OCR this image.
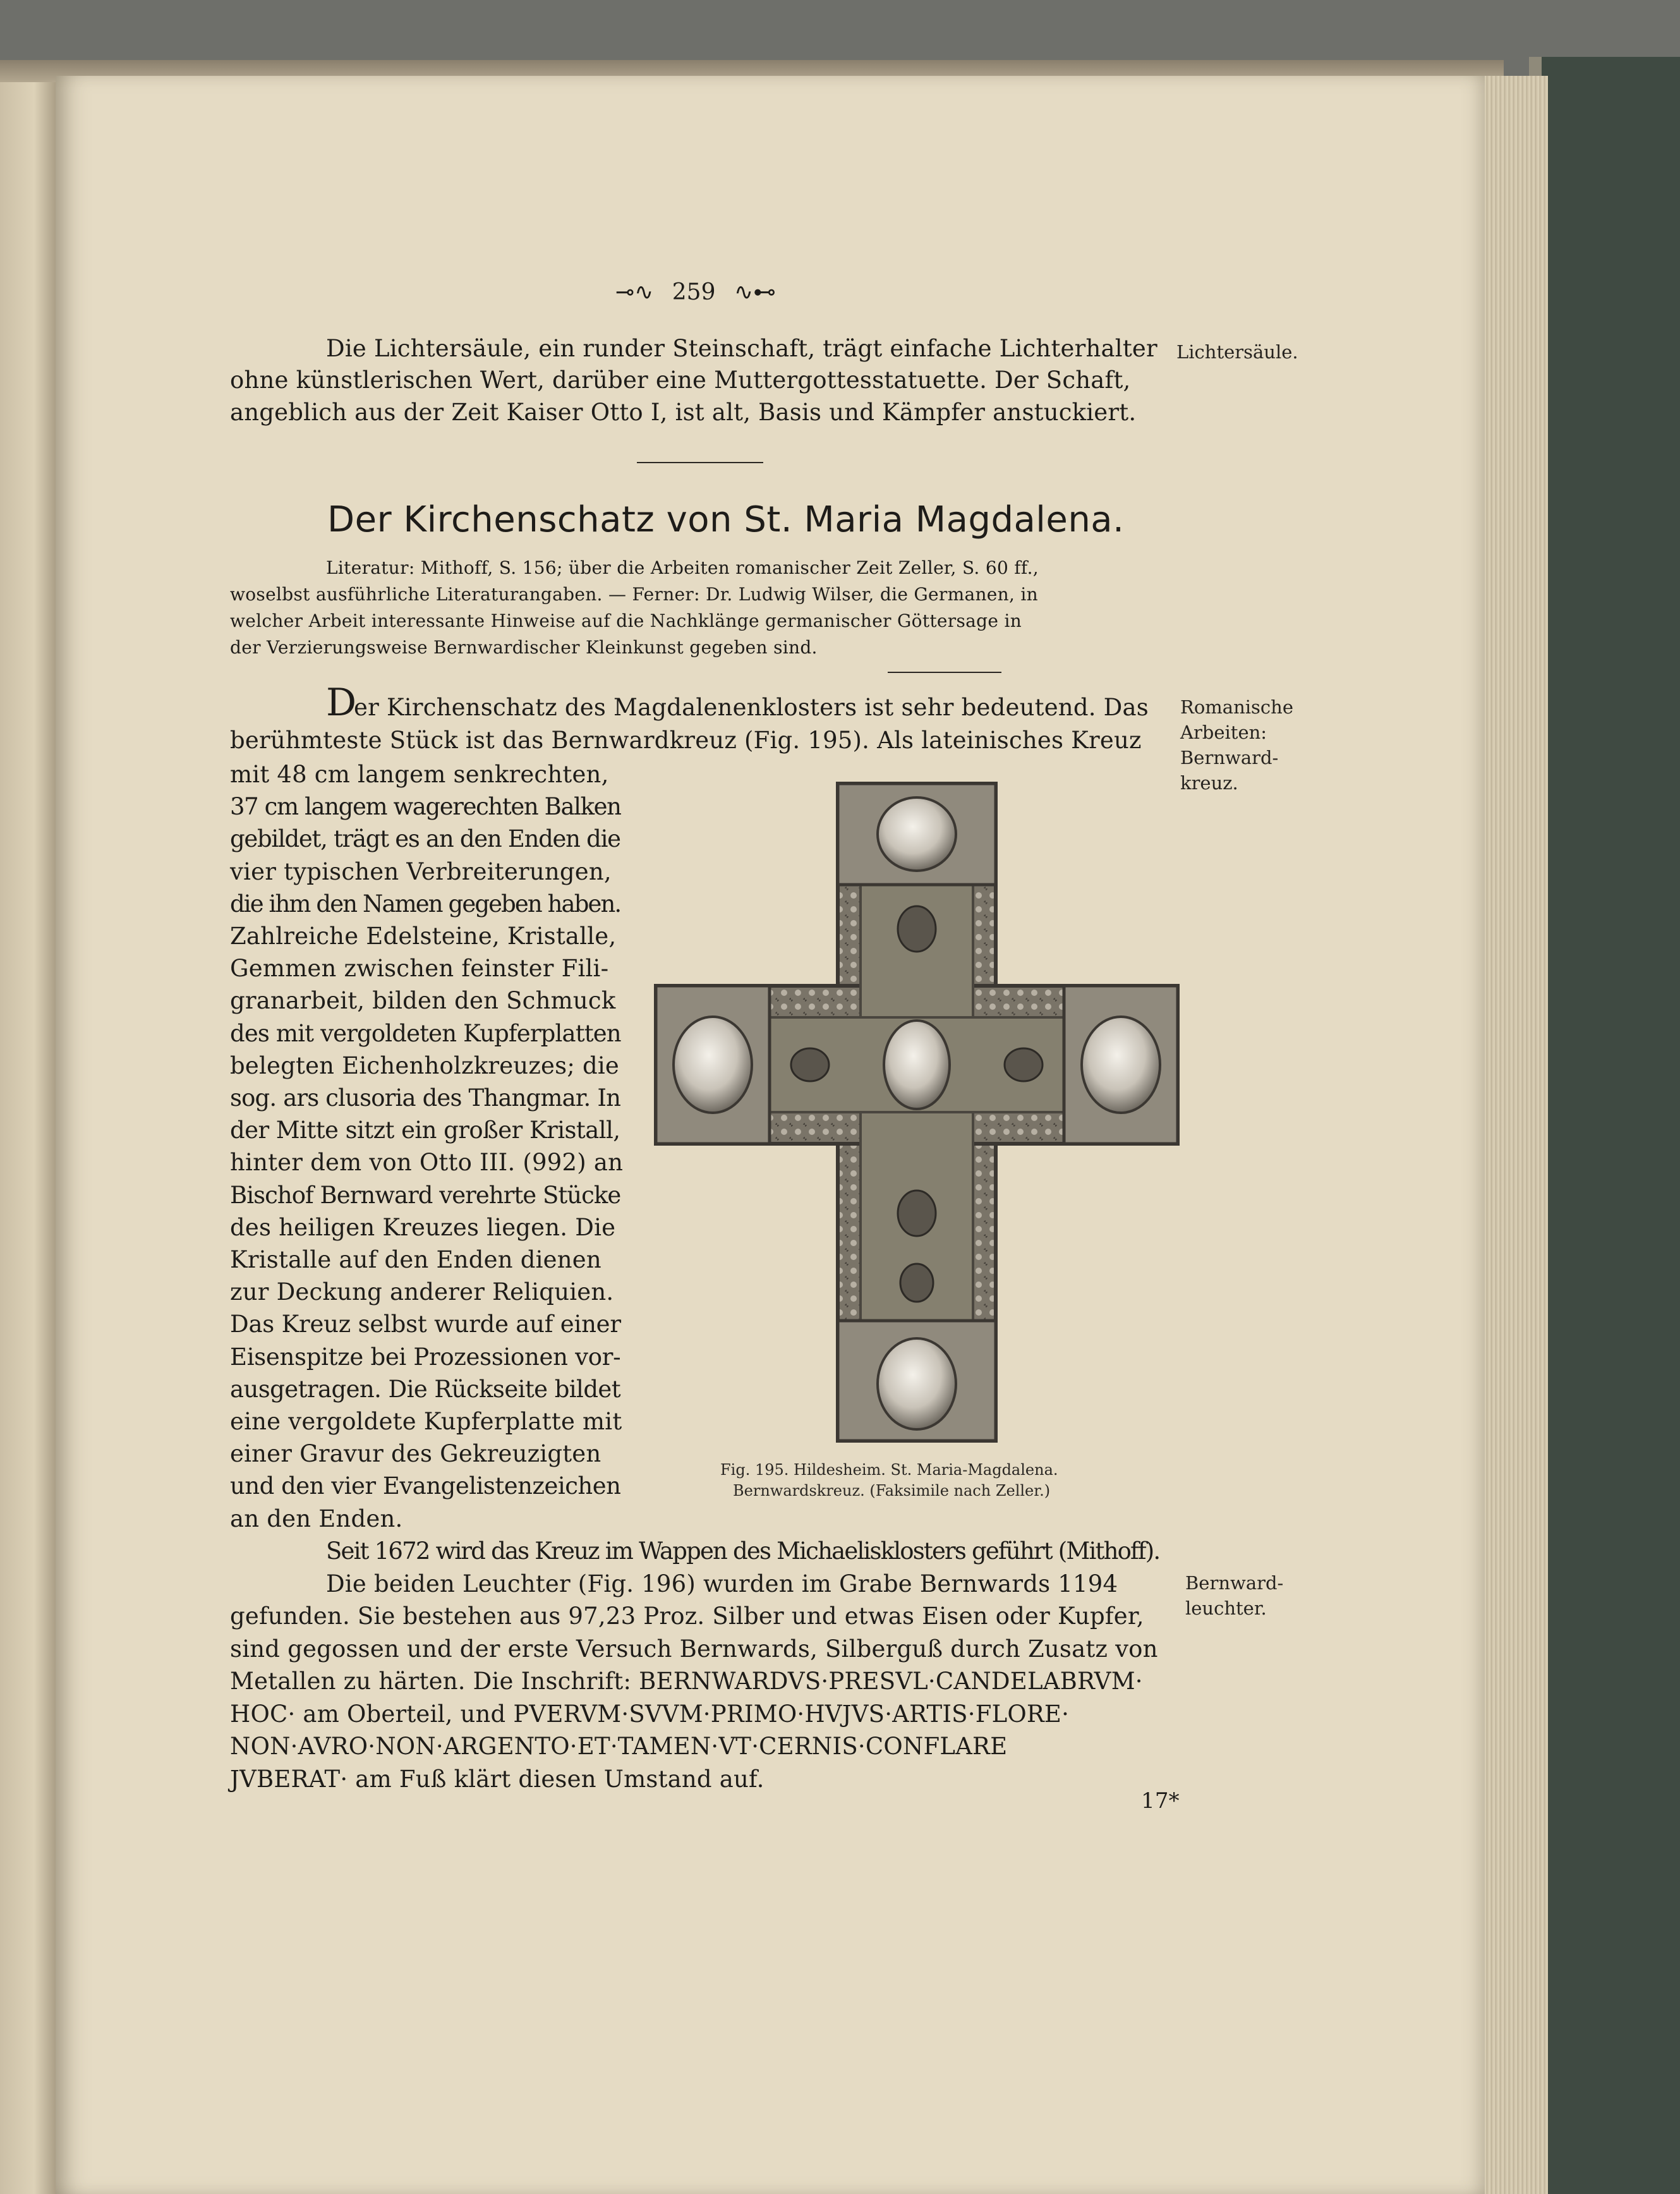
⊸∿ 259 ∿⊷
Die Lichtersäule, ein runder Steinschaft, trägt einfache Lichterhalter
ohne künstlerischen Wert, darüber eine Muttergottesstatuette. Der Schaft,
angeblich aus der Zeit Kaiser Otto I, ist alt, Basis und Kämpfer anstuckiert.
Lichtersäule.
Der Kirchenschatz von St. Maria Magdalena.
Literatur: Mithoff, S. 156; über die Arbeiten romanischer Zeit Zeller, S. 60 ff.,
woselbst ausführliche Literaturangaben. — Ferner: Dr. Ludwig Wilser, die Germanen, in
welcher Arbeit interessante Hinweise auf die Nachklänge germanischer Göttersage in
der Verzierungsweise Bernwardischer Kleinkunst gegeben sind.
D
er Kirchenschatz des Magdalenenklosters ist sehr bedeutend. Das
berühmteste Stück ist das Bernwardkreuz (Fig. 195). Als lateinisches Kreuz
Romanische
Arbeiten:
Bernward-
kreuz.
mit 48 cm langem senkrechten,
37 cm langem wagerechten Balken
gebildet, trägt es an den Enden die
vier typischen Verbreiterungen,
die ihm den Namen gegeben haben.
Zahlreiche Edelsteine, Kristalle,
Gemmen zwischen feinster Fili-
granarbeit, bilden den Schmuck
des mit vergoldeten Kupferplatten
belegten Eichenholzkreuzes; die
sog. ars clusoria des Thangmar. In
der Mitte sitzt ein großer Kristall,
hinter dem von Otto III. (992) an
Bischof Bernward verehrte Stücke
des heiligen Kreuzes liegen. Die
Kristalle auf den Enden dienen
zur Deckung anderer Reliquien.
Das Kreuz selbst wurde auf einer
Eisenspitze bei Prozessionen vor-
ausgetragen. Die Rückseite bildet
eine vergoldete Kupferplatte mit
einer Gravur des Gekreuzigten
und den vier Evangelistenzeichen
an den Enden.
Fig. 195. Hildesheim. St. Maria-Magdalena.
Bernwardskreuz. (Faksimile nach Zeller.)
Seit 1672 wird das Kreuz im Wappen des Michaelisklosters geführt (Mithoff).
Die beiden Leuchter (Fig. 196) wurden im Grabe Bernwards 1194
gefunden. Sie bestehen aus 97,23 Proz. Silber und etwas Eisen oder Kupfer,
sind gegossen und der erste Versuch Bernwards, Silberguß durch Zusatz von
Metallen zu härten. Die Inschrift: BERNWARDVS·PRESVL·CANDELABRVM·
HOC· am Oberteil, und PVERVM·SVVM·PRIMO·HVJVS·ARTIS·FLORE·
NON·AVRO·NON·ARGENTO·ET·TAMEN·VT·CERNIS·CONFLARE
JVBERAT· am Fuß klärt diesen Umstand auf.
Bernward-
leuchter.
17*
